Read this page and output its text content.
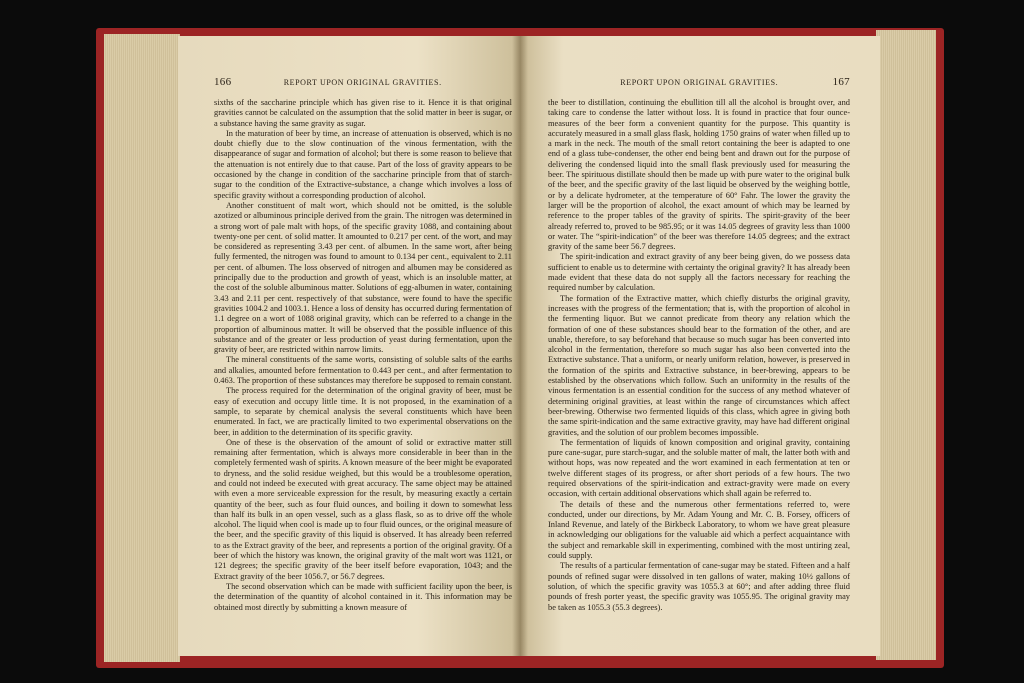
166	REPORT UPON ORIGINAL GRAVITIES.

sixths of the saccharine principle which has given rise to it. Hence it is that original gravities cannot be calculated on the assumption that the solid matter in beer is sugar, or a substance having the same gravity as sugar.

In the maturation of beer by time, an increase of attenuation is observed, which is no doubt chiefly due to the slow continuation of the vinous fermentation, with the disappearance of sugar and formation of alcohol; but there is some reason to believe that the attenuation is not entirely due to that cause. Part of the loss of gravity appears to be occasioned by the change in condition of the saccharine principle from that of starch-sugar to the condition of the Extractive-substance, a change which involves a loss of specific gravity without a corresponding production of alcohol.

Another constituent of malt wort, which should not be omitted, is the soluble azotized or albuminous principle derived from the grain. The nitrogen was determined in a strong wort of pale malt with hops, of the specific gravity 1088, and containing about twenty-one per cent. of solid matter. It amounted to 0.217 per cent. of the wort, and may be considered as representing 3.43 per cent. of albumen. In the same wort, after being fully fermented, the nitrogen was found to amount to 0.134 per cent., equivalent to 2.11 per cent. of albumen. The loss observed of nitrogen and albumen may be considered as principally due to the production and growth of yeast, which is an insoluble matter, at the cost of the soluble albuminous matter. Solutions of egg-albumen in water, containing 3.43 and 2.11 per cent. respectively of that substance, were found to have the specific gravities 1004.2 and 1003.1. Hence a loss of density has occurred during fermentation of 1.1 degree on a wort of 1088 original gravity, which can be referred to a change in the proportion of albuminous matter. It will be observed that the possible influence of this substance and of the greater or less production of yeast during fermentation, upon the gravity of beer, are restricted within narrow limits.

The mineral constituents of the same worts, consisting of soluble salts of the earths and alkalies, amounted before fermentation to 0.443 per cent., and after fermentation to 0.463. The proportion of these substances may therefore be supposed to remain constant.

The process required for the determination of the original gravity of beer, must be easy of execution and occupy little time. It is not proposed, in the examination of a sample, to separate by chemical analysis the several constituents which have been enumerated. In fact, we are practically limited to two experimental observations on the beer, in addition to the determination of its specific gravity.

One of these is the observation of the amount of solid or extractive matter still remaining after fermentation, which is always more considerable in beer than in the completely fermented wash of spirits. A known measure of the beer might be evaporated to dryness, and the solid residue weighed, but this would be a troublesome operation, and could not indeed be executed with great accuracy. The same object may be attained with even a more serviceable expression for the result, by measuring exactly a certain quantity of the beer, such as four fluid ounces, and boiling it down to somewhat less than half its bulk in an open vessel, such as a glass flask, so as to drive off the whole alcohol. The liquid when cool is made up to four fluid ounces, or the original measure of the beer, and the specific gravity of this liquid is observed. It has already been referred to as the Extract gravity of the beer, and represents a portion of the original gravity. Of a beer of which the history was known, the original gravity of the malt wort was 1121, or 121 degrees; the specific gravity of the beer itself before evaporation, 1043; and the Extract gravity of the beer 1056.7, or 56.7 degrees.

The second observation which can be made with sufficient facility upon the beer, is the determination of the quantity of alcohol contained in it. This information may be obtained most directly by submitting a known measure of

REPORT UPON ORIGINAL GRAVITIES.	167

the beer to distillation, continuing the ebullition till all the alcohol is brought over, and taking care to condense the latter without loss. It is found in practice that four ounce-measures of the beer form a convenient quantity for the purpose. This quantity is accurately measured in a small glass flask, holding 1750 grains of water when filled up to a mark in the neck. The mouth of the small retort containing the beer is adapted to one end of a glass tube-condenser, the other end being bent and drawn out for the purpose of delivering the condensed liquid into the small flask previously used for measuring the beer. The spirituous distillate should then be made up with pure water to the original bulk of the beer, and the specific gravity of the last liquid be observed by the weighing bottle, or by a delicate hydrometer, at the temperature of 60° Fahr. The lower the gravity the larger will be the proportion of alcohol, the exact amount of which may be learned by reference to the proper tables of the gravity of spirits. The spirit-gravity of the beer already referred to, proved to be 985.95; or it was 14.05 degrees of gravity less than 1000 or water. The “spirit-indication” of the beer was therefore 14.05 degrees; and the extract gravity of the same beer 56.7 degrees.

The spirit-indication and extract gravity of any beer being given, do we possess data sufficient to enable us to determine with certainty the original gravity? It has already been made evident that these data do not supply all the factors necessary for reaching the required number by calculation.

The formation of the Extractive matter, which chiefly disturbs the original gravity, increases with the progress of the fermentation; that is, with the proportion of alcohol in the fermenting liquor. But we cannot predicate from theory any relation which the formation of one of these substances should bear to the formation of the other, and are unable, therefore, to say beforehand that because so much sugar has been converted into alcohol in the fermentation, therefore so much sugar has also been converted into the Extractive substance. That a uniform, or nearly uniform relation, however, is preserved in the formation of the spirits and Extractive substance, in beer-brewing, appears to be established by the observations which follow. Such an uniformity in the results of the vinous fermentation is an essential condition for the success of any method whatever of determining original gravities, at least within the range of circumstances which affect beer-brewing. Otherwise two fermented liquids of this class, which agree in giving both the same spirit-indication and the same extractive gravity, may have had different original gravities, and the solution of our problem becomes impossible.

The fermentation of liquids of known composition and original gravity, containing pure cane-sugar, pure starch-sugar, and the soluble matter of malt, the latter both with and without hops, was now repeated and the wort examined in each fermentation at ten or twelve different stages of its progress, or after short periods of a few hours. The two required observations of the spirit-indication and extract-gravity were made on every occasion, with certain additional observations which shall again be referred to.

The details of these and the numerous other fermentations referred to, were conducted, under our directions, by Mr. Adam Young and Mr. C. B. Forsey, officers of Inland Revenue, and lately of the Birkbeck Laboratory, to whom we have great pleasure in acknowledging our obligations for the valuable aid which a perfect acquaintance with the subject and remarkable skill in experimenting, combined with the most untiring zeal, could supply.

The results of a particular fermentation of cane-sugar may be stated. Fifteen and a half pounds of refined sugar were dissolved in ten gallons of water, making 10½ gallons of solution, of which the specific gravity was 1055.3 at 60°; and after adding three fluid pounds of fresh porter yeast, the specific gravity was 1055.95. The original gravity may be taken as 1055.3 (55.3 degrees).
